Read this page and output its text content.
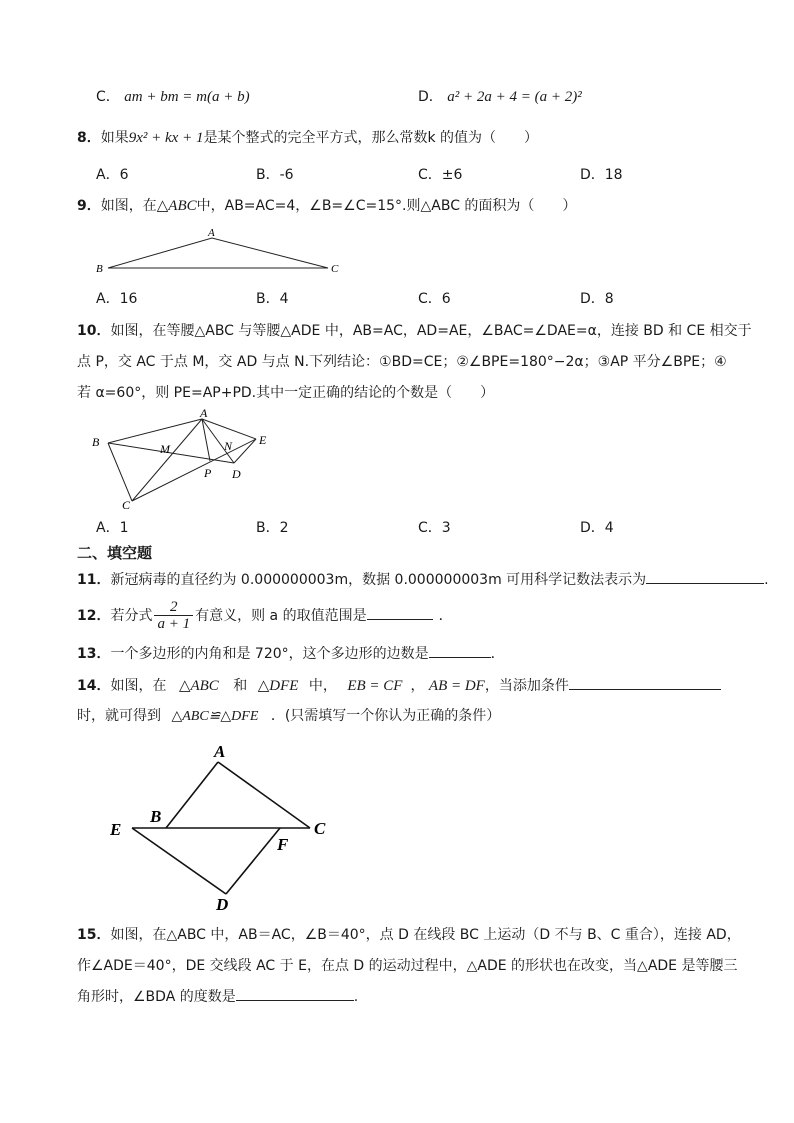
C． am + bm = m(a + b)	D． a² + 2a + 4 = (a + 2)²
8．如果9x² + kx + 1是某个整式的完全平方式，那么常数k 的值为（　　）
A．6	B．-6	C．±6	D．18
9．如图，在△ABC中，AB=AC=4，∠B=∠C=15°.则△ABC 的面积为（　　）
A
B	C
A．16	B．4	C．6	D．8
10．如图，在等腰△ABC 与等腰△ADE 中，AB=AC，AD=AE，∠BAC=∠DAE=α，连接 BD 和 CE 相交于
点 P，交 AC 于点 M，交 AD 与点 N.下列结论：①BD=CE；②∠BPE=180°−2α；③AP 平分∠BPE；④
若 α=60°，则 PE=AP+PD.其中一定正确的结论的个数是（　　）
A
B
C
D
E
M	N
P
A．1	B．2	C．3	D．4
二、填空题
11．新冠病毒的直径约为 0.000000003m，数据 0.000000003m 可用科学记数法表示为	.
12．若分式 $\frac{2}{a + 1}$ 有意义，则 a 的取值范围是	．
13．一个多边形的内角和是 720°，这个多边形的边数是	．
14．如图，在 △ABC 和 △DFE 中， EB = CF ， AB = DF，当添加条件
时，就可得到 △ABC≌△DFE ．(只需填写一个你认为正确的条件）
A
B
C
D
E
F
15．如图，在△ABC 中，AB＝AC，∠B＝40°，点 D 在线段 BC 上运动（D 不与 B、C 重合），连接 AD，
作∠ADE＝40°，DE 交线段 AC 于 E，在点 D 的运动过程中，△ADE 的形状也在改变，当△ADE 是等腰三
角形时，∠BDA 的度数是	.
